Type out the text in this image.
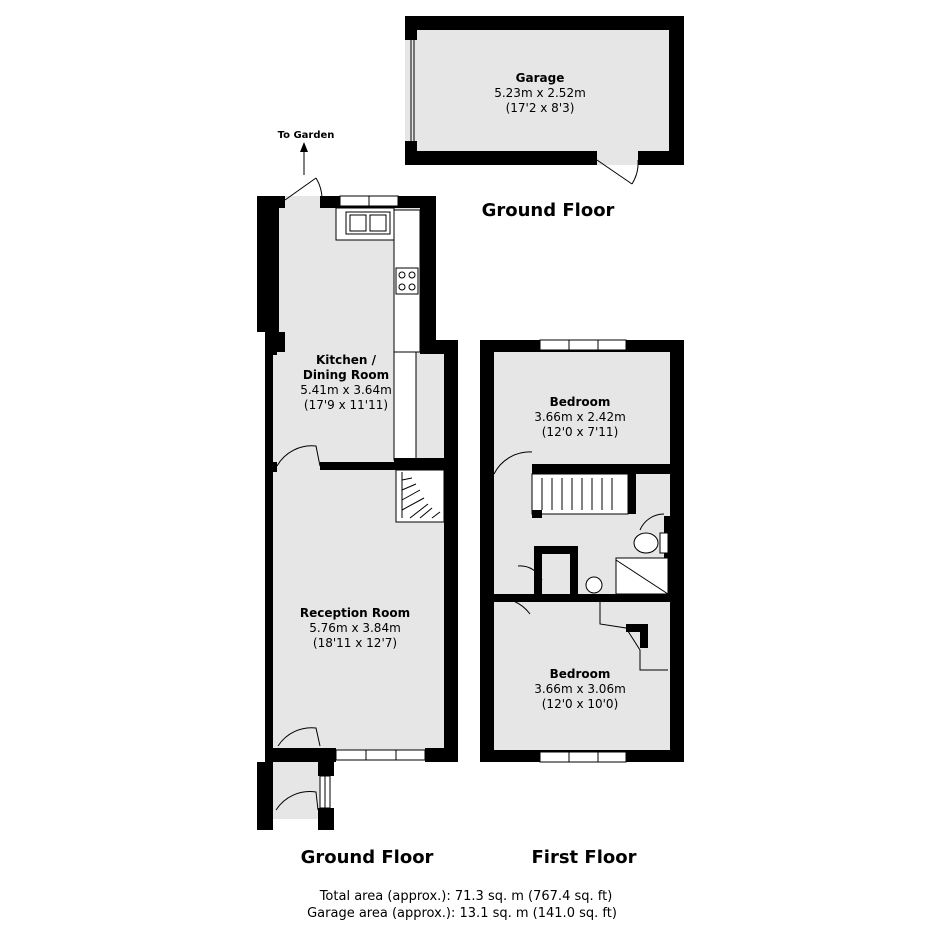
To Garden
Garage
5.23m x 2.52m
(17'2 x 8'3)
Ground Floor
Kitchen /
Dining Room
5.41m x 3.64m
(17'9 x 11'11)
Reception Room
5.76m x 3.84m
(18'11 x 12'7)
Bedroom
3.66m x 2.42m
(12'0 x 7'11)
Bedroom
3.66m x 3.06m
(12'0 x 10'0)
Ground Floor	First Floor
Total area (approx.): 71.3 sq. m (767.4 sq. ft)
Garage area (approx.): 13.1 sq. m (141.0 sq. ft)
